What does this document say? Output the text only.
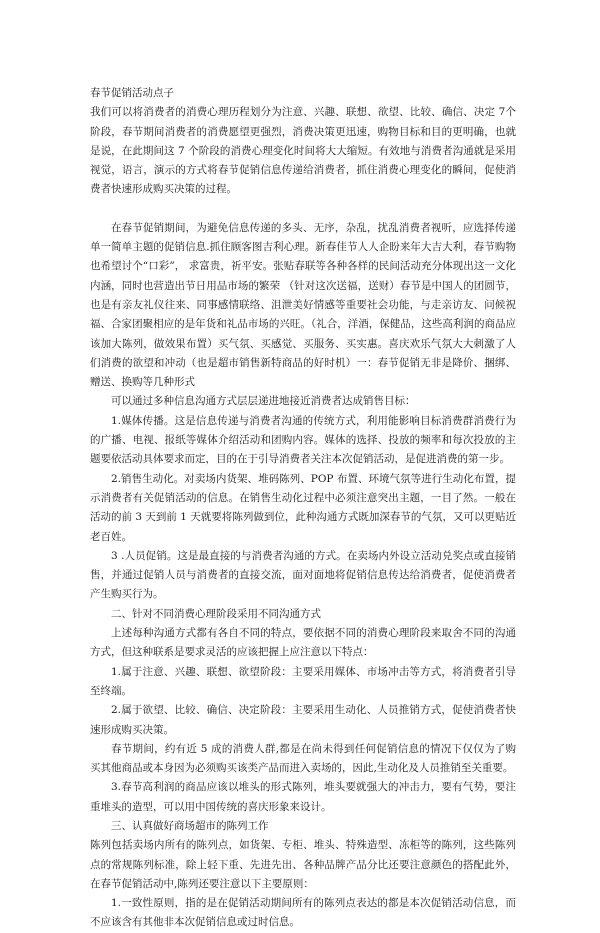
春节促销活动点子

我们可以将消费者的消费心理历程划分为注意、兴趣、联想、欲望、比较、确信、决定 7个阶段，春节期间消费者的消费愿望更强烈，消费决策更迅速，购物目标和目的更明确，也就是说，在此期间这 7 个阶段的消费心理变化时间将大大缩短。有效地与消费者沟通就是采用视觉，语言，演示的方式将春节促销信息传递给消费者，抓住消费心理变化的瞬间，促使消费者快速形成购买决策的过程。

在春节促销期间，为避免信息传递的多头、无序，杂乱，扰乱消费者视听，应选择传递单一简单主题的促销信息.抓住顾客图吉利心理。新春佳节人人企盼来年大吉大利，春节购物也希望讨个“口彩”， 求富贵，祈平安。张贴春联等各种各样的民间活动充分体现出这一文化内涵，同时也营造出节日用品市场的繁荣 （针对这次送福，送财）春节是中国人的团圆节，也是有亲友礼仪往来、同事感情联络、沮泄美好情感等重要社会功能，与走亲访友、问候祝福、合家团聚相应的是年货和礼品市场的兴旺。（礼合，洋酒，保健品，这些高利润的商品应该加大陈列，做效果布置）买气氛、买感觉、买服务、买实惠。喜庆欢乐气氛大大刺激了人们消费的欲望和冲动（也是超市销售新特商品的好时机）一：春节促销无非是降价、捆绑、赠送、换购等几种形式

可以通过多种信息沟通方式层层递进地接近消费者达成销售目标：

1.媒体传播。这是信息传递与消费者沟通的传统方式，利用能影响目标消费群消费行为的广播、电视、报纸等媒体介绍活动和团购内容。媒体的选择、投放的频率和每次投放的主题要依活动具体要求而定，目的在于引导消费者关注本次促销活动，是促进消费的第一步。

2.销售生动化。对卖场内货架、堆码陈列、POP 布置、环境气氛等进行生动化布置，提示消费者有关促销活动的信息。在销售生动化过程中必须注意突出主题，一目了然。一般在活动的前 3 天到前 1 天就要将陈列做到位，此种沟通方式既加深春节的气氛，又可以更贴近老百姓。

3 .人员促销。这是最直接的与消费者沟通的方式。在卖场内外设立活动兑奖点或直接销售，并通过促销人员与消费者的直接交流，面对面地将促销信息传达给消费者，促使消费者产生购买行为。

二、针对不同消费心理阶段采用不同沟通方式

上述每种沟通方式都有各自不同的特点，要依据不同的消费心理阶段来取舍不同的沟通方式，但这种联系是要求灵活的应该把握上应注意以下特点：

1.属于注意、兴趣、联想、欲望阶段：主要采用媒体、市场冲击等方式，将消费者引导至终端。

2.属于欲望、比较、确信、决定阶段：主要采用生动化、人员推销方式，促使消费者快速形成购买决策。

春节期间，约有近 5 成的消费人群,都是在尚未得到任何促销信息的情况下仅仅为了购买其他商品或本身因为必须购买该类产品而进入卖场的，因此,生动化及人员推销至关重要。

3.春节高利润的商品应该以堆头的形式陈列，堆头要就强大的冲击力，要有气势，要注重堆头的造型，可以用中国传统的喜庆形象来设计。

三、认真做好商场超市的陈列工作

陈列包括卖场内所有的陈列点，如货架、专柜、堆头、特殊造型、冻柜等的陈列，这些陈列点的常规陈列标准，除上轻下重、先进先出、各种品牌产品分比还要注意颜色的搭配此外，在春节促销活动中,陈列还要注意以下主要原则：

1.一致性原则，指的是在促销活动期间所有的陈列点表达的都是本次促销活动信息，而不应该含有其他非本次促销信息或过时信息。
